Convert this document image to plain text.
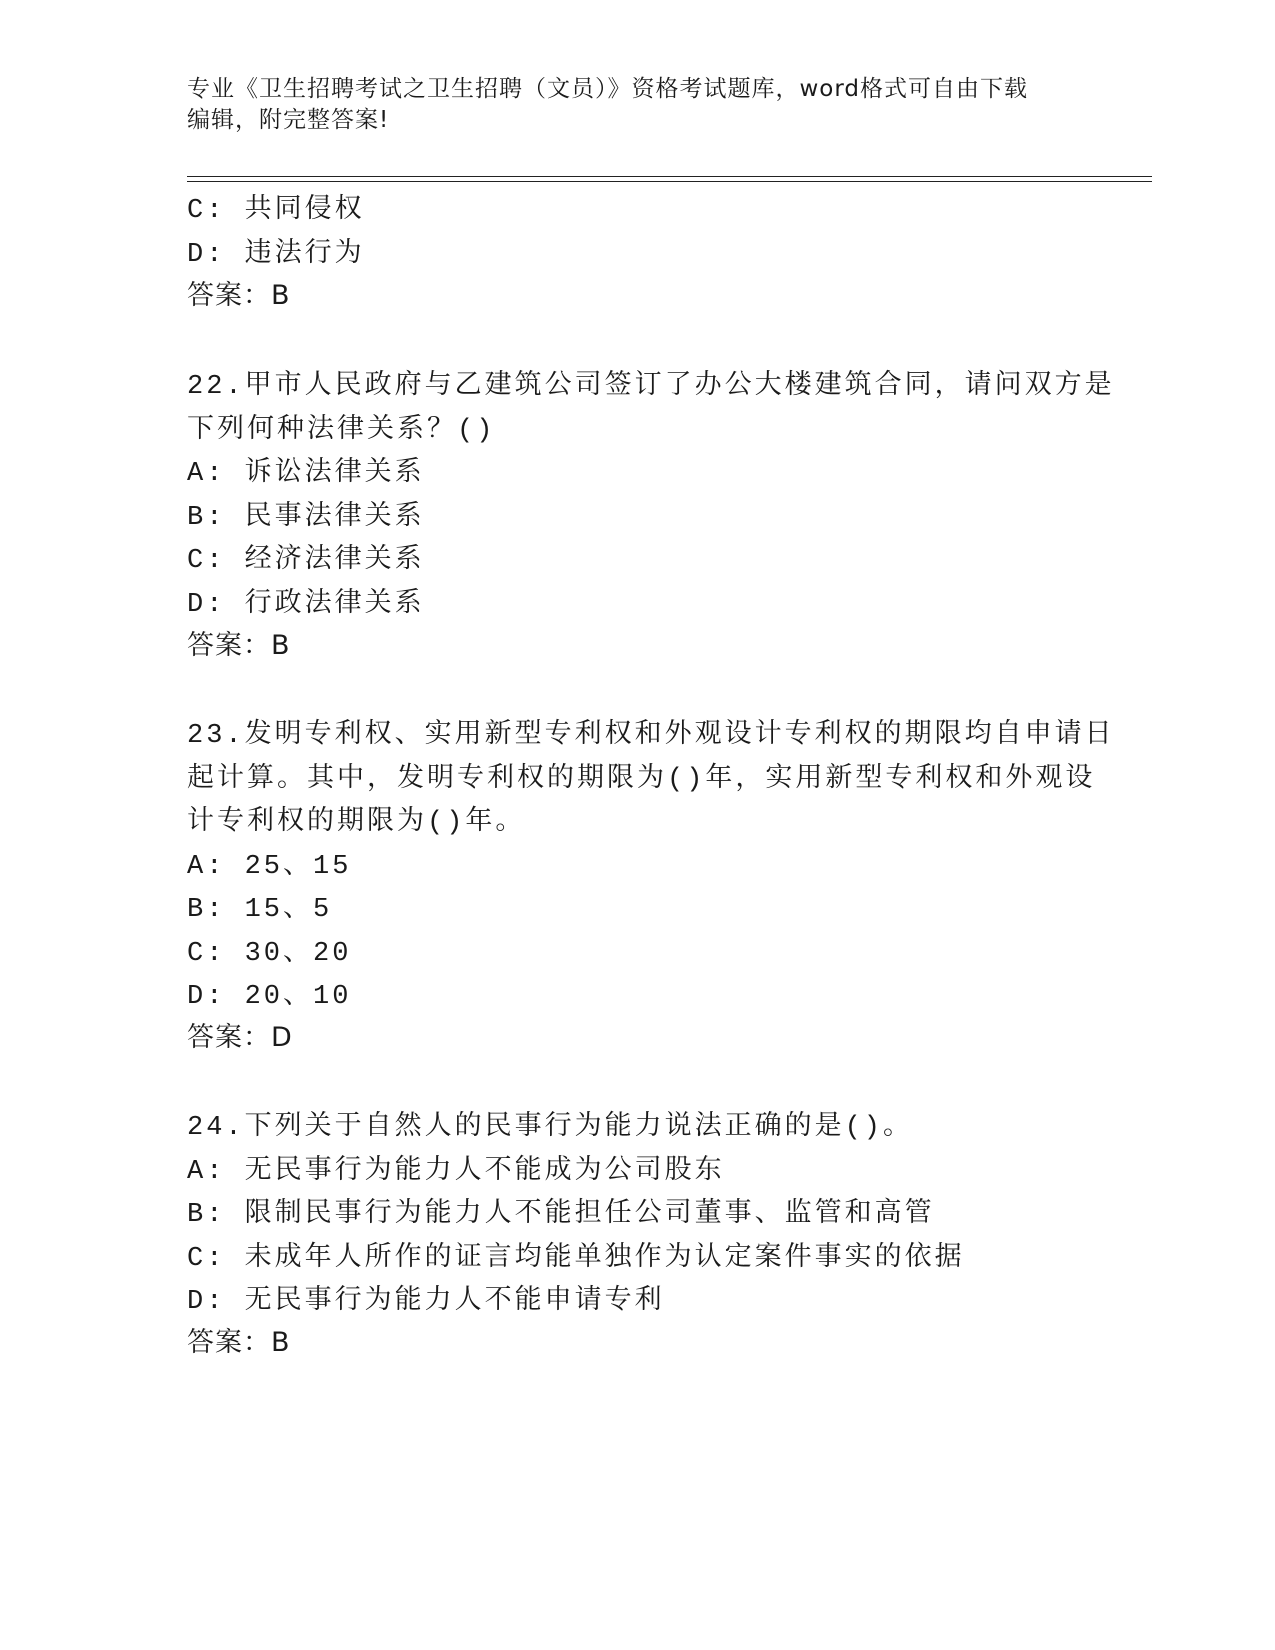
专业《卫生招聘考试之卫生招聘（文员）》资格考试题库，word格式可自由下载
编辑，附完整答案!
C: 共同侵权
D: 违法行为
答案：B
22.甲市人民政府与乙建筑公司签订了办公大楼建筑合同，请问双方是
下列何种法律关系？()
A: 诉讼法律关系
B: 民事法律关系
C: 经济法律关系
D: 行政法律关系
答案：B
23.发明专利权、实用新型专利权和外观设计专利权的期限均自申请日
起计算。其中，发明专利权的期限为()年，实用新型专利权和外观设
计专利权的期限为()年。
A: 25、15
B: 15、5
C: 30、20
D: 20、10
答案：D
24.下列关于自然人的民事行为能力说法正确的是()。
A: 无民事行为能力人不能成为公司股东
B: 限制民事行为能力人不能担任公司董事、监管和高管
C: 未成年人所作的证言均能单独作为认定案件事实的依据
D: 无民事行为能力人不能申请专利
答案：B
